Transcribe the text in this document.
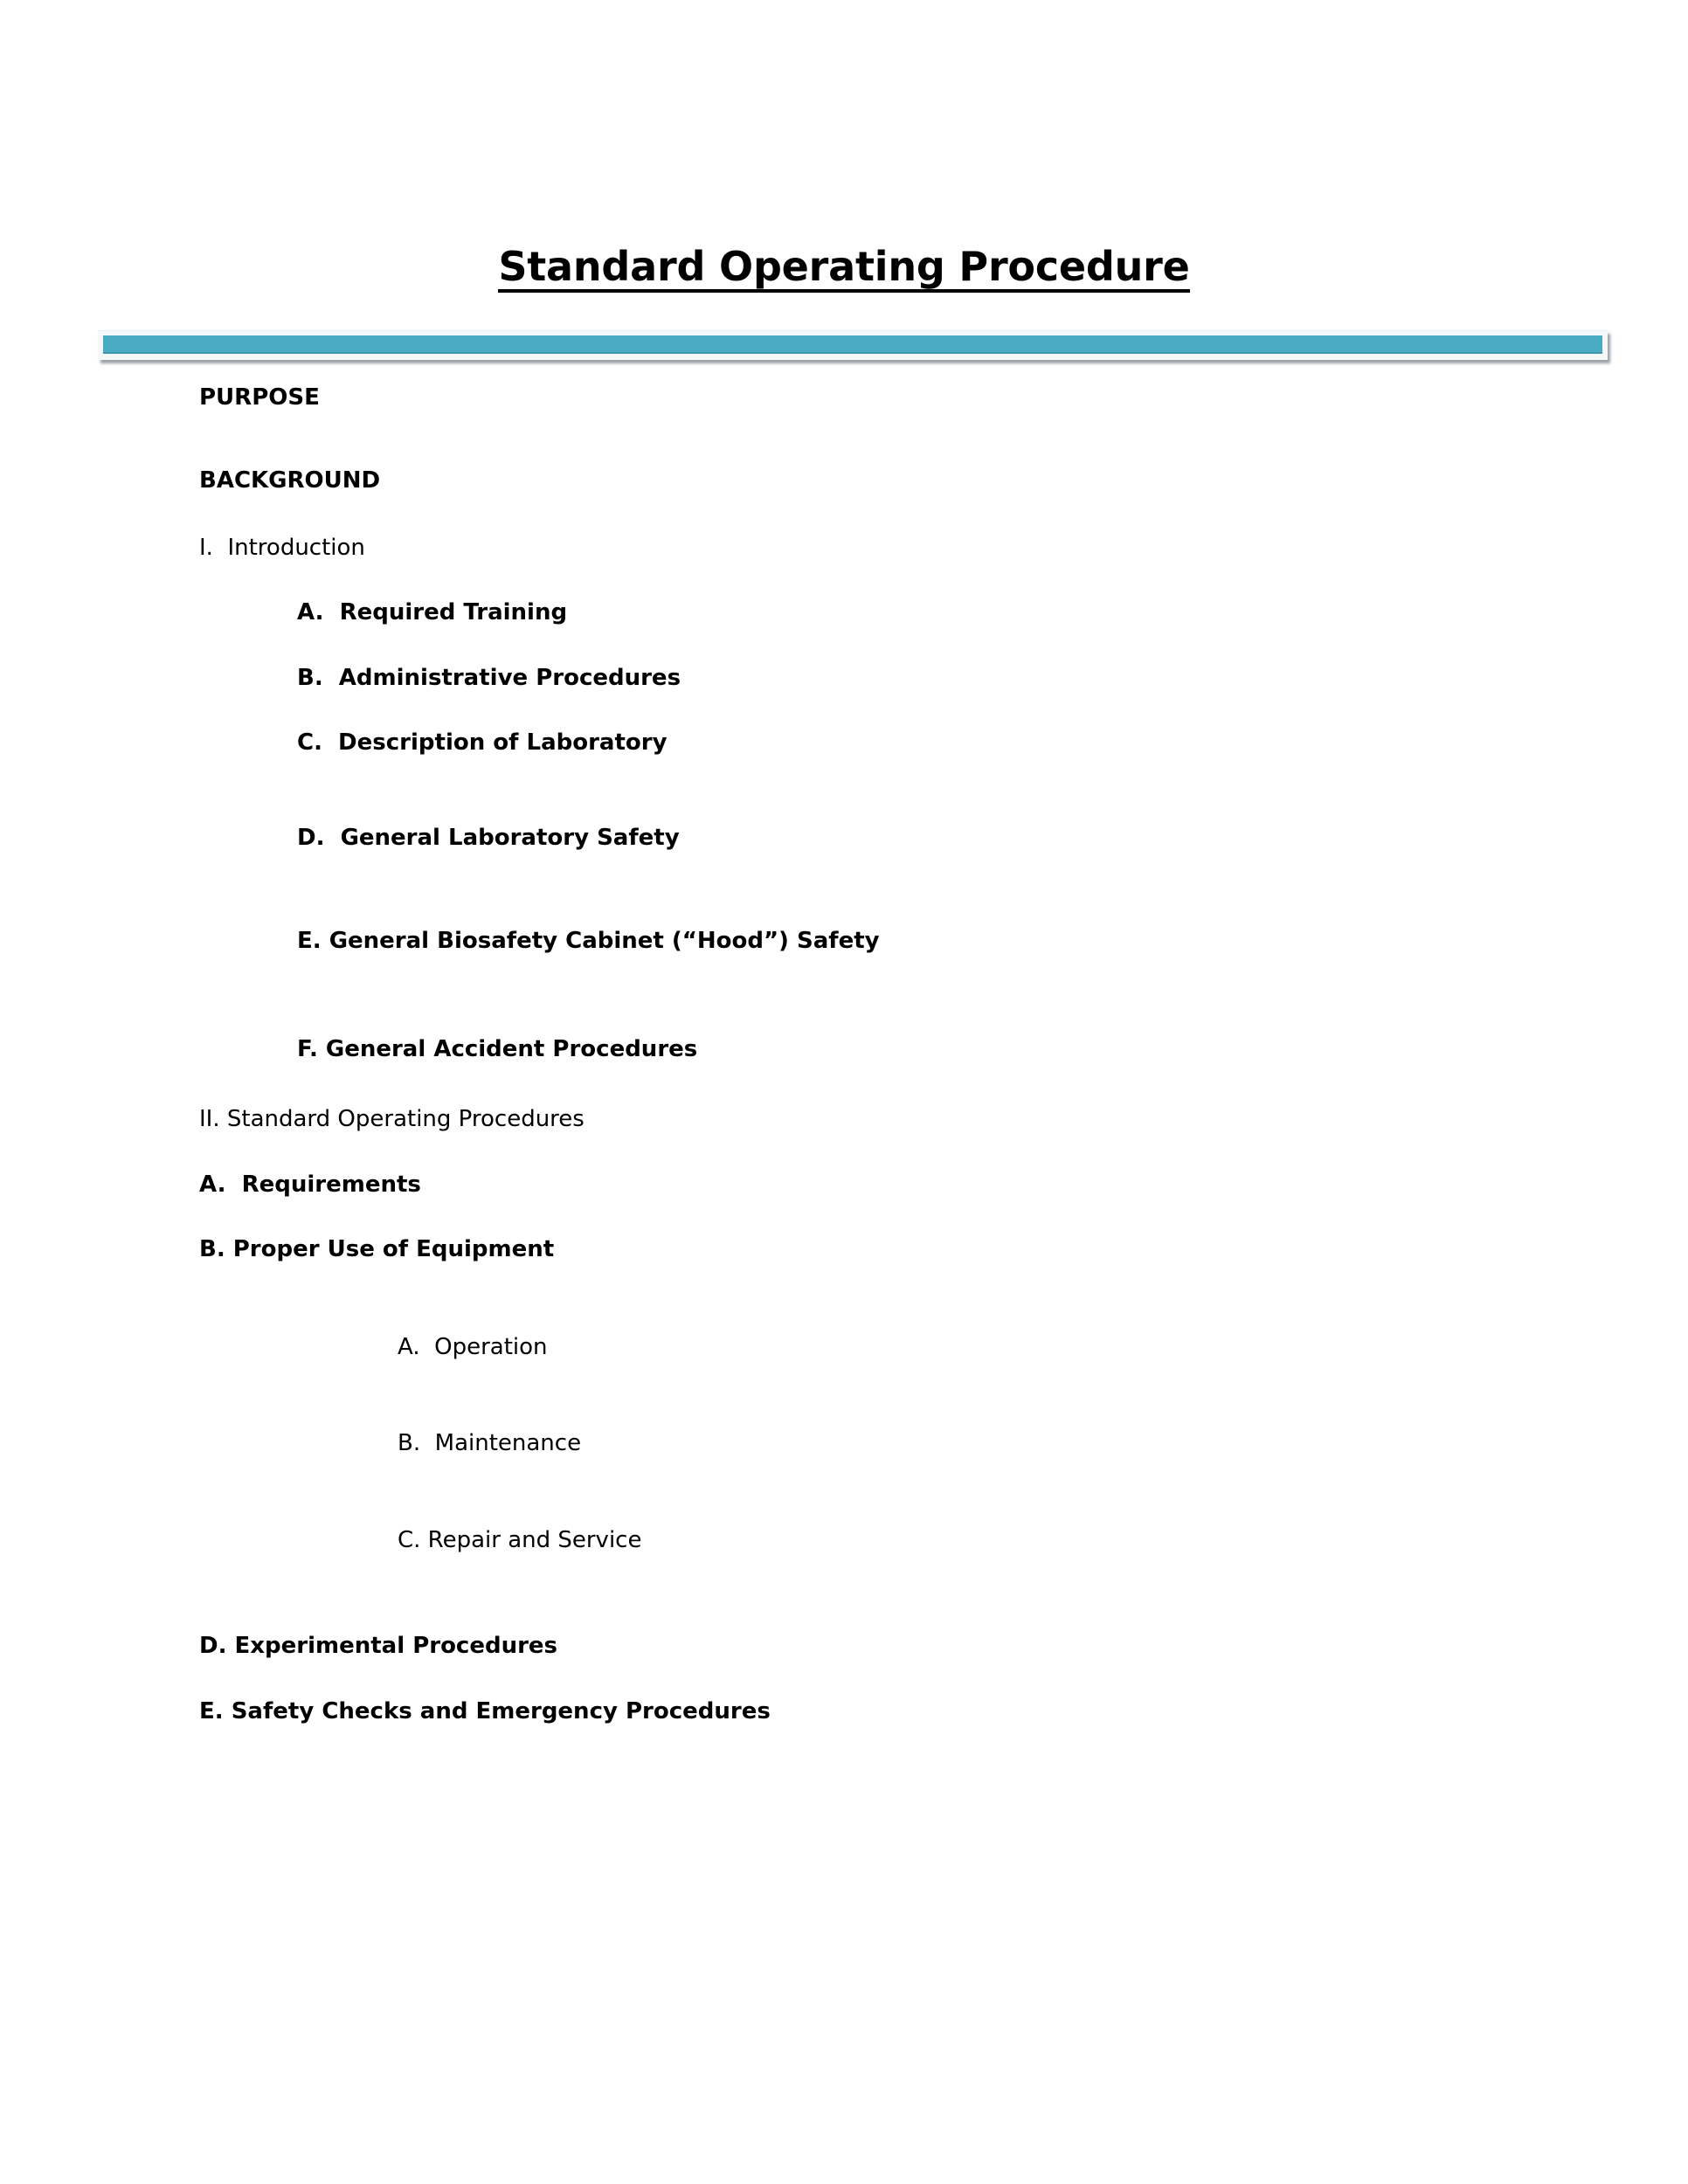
Standard Operating Procedure
PURPOSE
BACKGROUND
I.  Introduction
A.  Required Training
B.  Administrative Procedures
C.  Description of Laboratory
D.  General Laboratory Safety
E. General Biosafety Cabinet (“Hood”) Safety
F. General Accident Procedures
II. Standard Operating Procedures
A.  Requirements
B. Proper Use of Equipment
A.  Operation
B.  Maintenance
C. Repair and Service
D. Experimental Procedures
E. Safety Checks and Emergency Procedures
